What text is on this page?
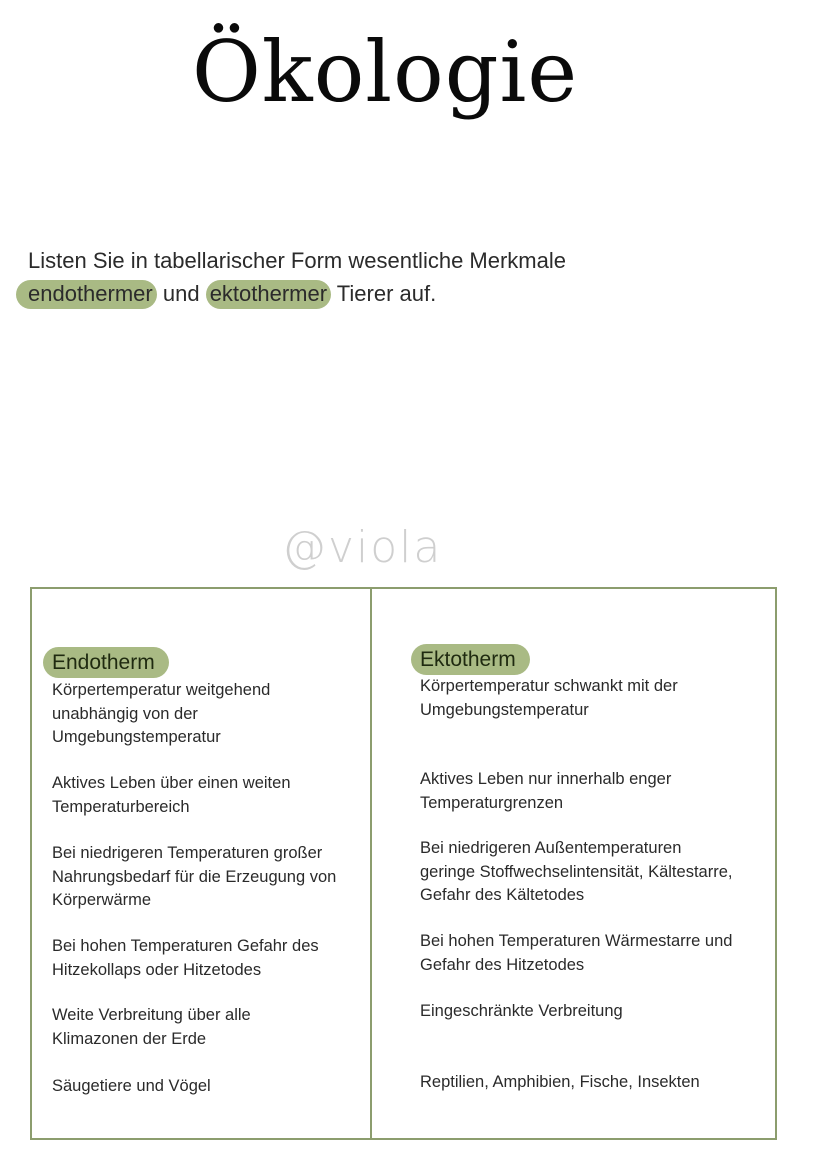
Ökologie
Listen Sie in tabellarischer Form wesentliche Merkmale
endothermer und ektothermer Tierer auf.
@viola
Endotherm
Körpertemperatur weitgehend
unabhängig von der
Umgebungstemperatur
Aktives Leben über einen weiten
Temperaturbereich
Bei niedrigeren Temperaturen großer
Nahrungsbedarf für die Erzeugung von
Körperwärme
Bei hohen Temperaturen Gefahr des
Hitzekollaps oder Hitzetodes
Weite Verbreitung über alle
Klimazonen der Erde
Säugetiere und Vögel
Ektotherm
Körpertemperatur schwankt mit der
Umgebungstemperatur
Aktives Leben nur innerhalb enger
Temperaturgrenzen
Bei niedrigeren Außentemperaturen
geringe Stoffwechselintensität, Kältestarre,
Gefahr des Kältetodes
Bei hohen Temperaturen Wärmestarre und
Gefahr des Hitzetodes
Eingeschränkte Verbreitung
Reptilien, Amphibien, Fische, Insekten
